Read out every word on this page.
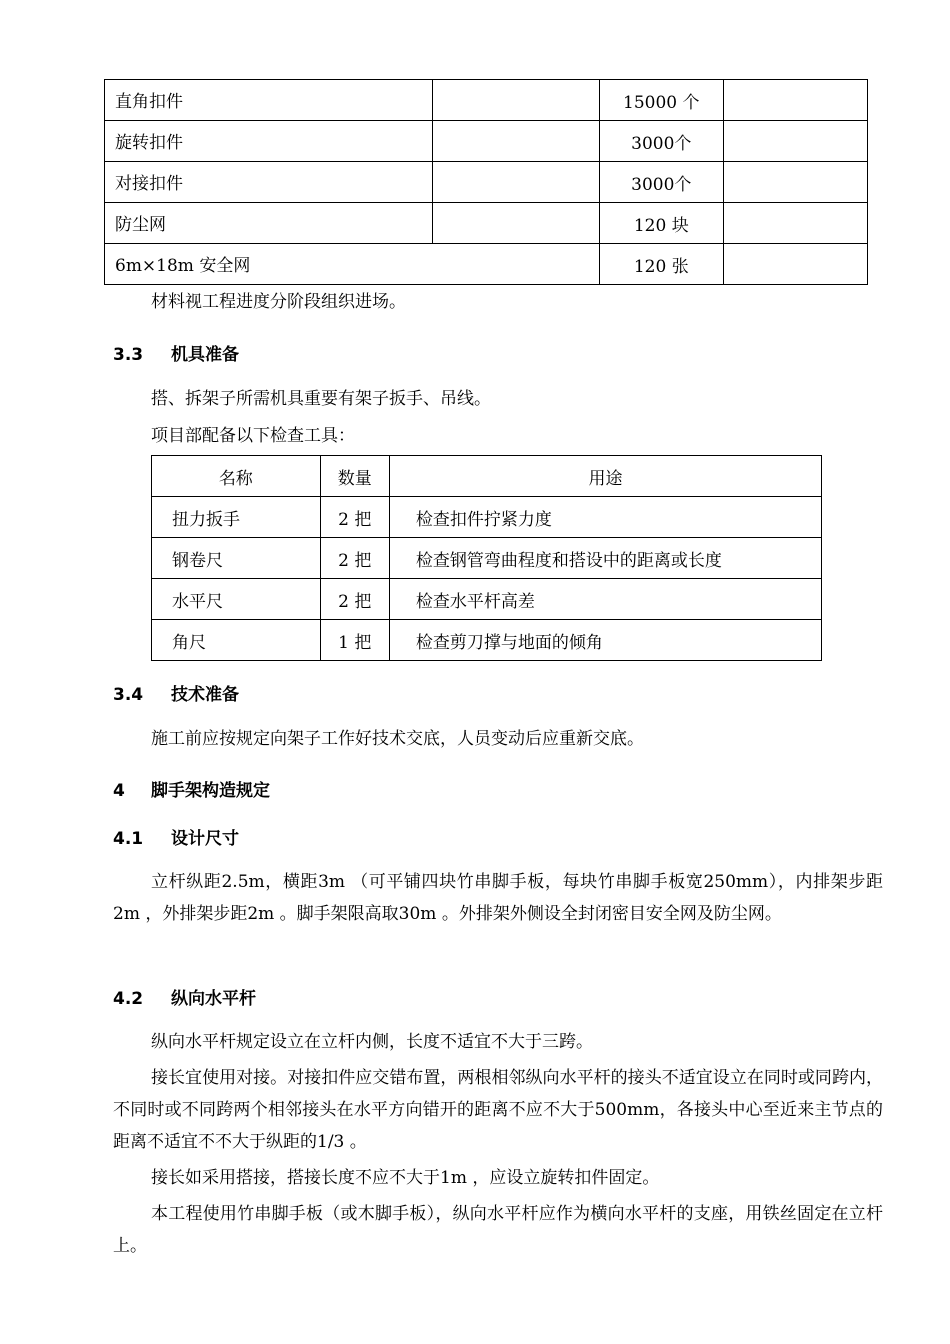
直角扣件		15000 个	
旋转扣件		3000个	
对接扣件		3000个	
防尘网		120 块	
6m×18m 安全网		120 张	
材料视工程进度分阶段组织进场。
3.3 机具准备
搭、拆架子所需机具重要有架子扳手、吊线。
项目部配备以下检查工具：
名称	数量	用途
扭力扳手	2 把	检查扣件拧紧力度
钢卷尺	2 把	检查钢管弯曲程度和搭设中的距离或长度
水平尺	2 把	检查水平杆高差
角尺	1 把	检查剪刀撑与地面的倾角
3.4 技术准备
施工前应按规定向架子工作好技术交底，人员变动后应重新交底。
4 脚手架构造规定
4.1 设计尺寸
立杆纵距2.5m，横距3m （可平铺四块竹串脚手板，每块竹串脚手板宽250mm），内排架步距2m ，外排架步距2m 。脚手架限高取30m 。外排架外侧设全封闭密目安全网及防尘网。
4.2 纵向水平杆
纵向水平杆规定设立在立杆内侧，长度不适宜不大于三跨。
接长宜使用对接。对接扣件应交错布置，两根相邻纵向水平杆的接头不适宜设立在同时或同跨内，不同时或不同跨两个相邻接头在水平方向错开的距离不应不大于500mm，各接头中心至近来主节点的距离不适宜不不大于纵距的1/3 。
接长如采用搭接，搭接长度不应不大于1m ，应设立旋转扣件固定。
本工程使用竹串脚手板（或木脚手板），纵向水平杆应作为横向水平杆的支座，用铁丝固定在立杆上。
